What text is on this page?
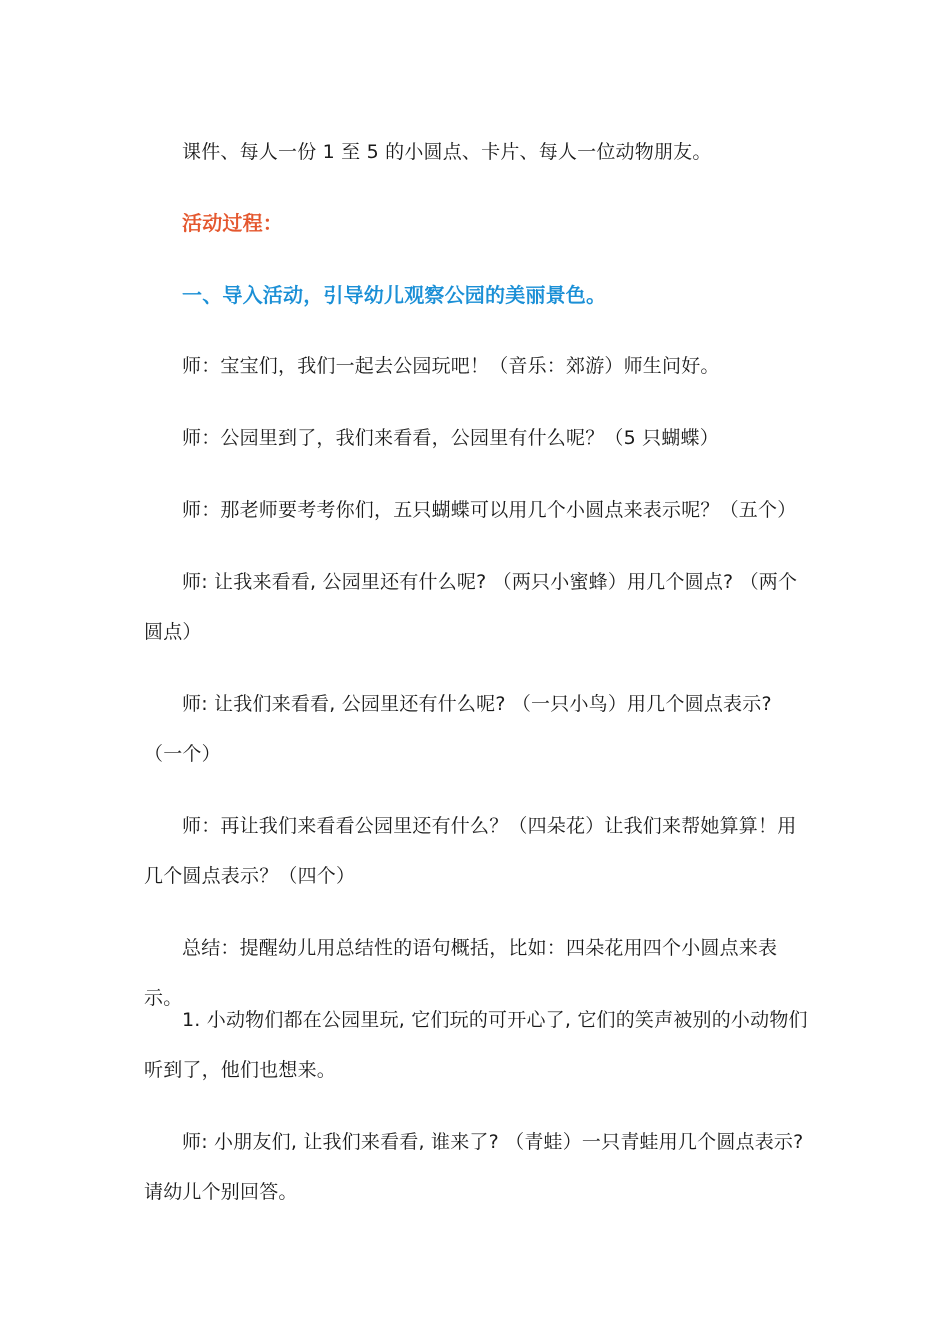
课件、每人一份 1 至 5 的小圆点、卡片、每人一位动物朋友。

活动过程：

一、导入活动，引导幼儿观察公园的美丽景色。

师：宝宝们，我们一起去公园玩吧！（音乐：郊游）师生问好。

师：公园里到了，我们来看看，公园里有什么呢？（5 只蝴蝶）

师：那老师要考考你们，五只蝴蝶可以用几个小圆点来表示呢？（五个）

师: 让我来看看, 公园里还有什么呢? （两只小蜜蜂）用几个圆点? （两个圆点）

师: 让我们来看看, 公园里还有什么呢? （一只小鸟）用几个圆点表示? （一个）

师：再让我们来看看公园里还有什么？（四朵花）让我们来帮她算算！用几个圆点表示？（四个）

总结：提醒幼儿用总结性的语句概括，比如：四朵花用四个小圆点来表示。

1. 小动物们都在公园里玩, 它们玩的可开心了, 它们的笑声被别的小动物们听到了，他们也想来。

师: 小朋友们, 让我们来看看, 谁来了? （青蛙）一只青蛙用几个圆点表示? 请幼儿个别回答。
